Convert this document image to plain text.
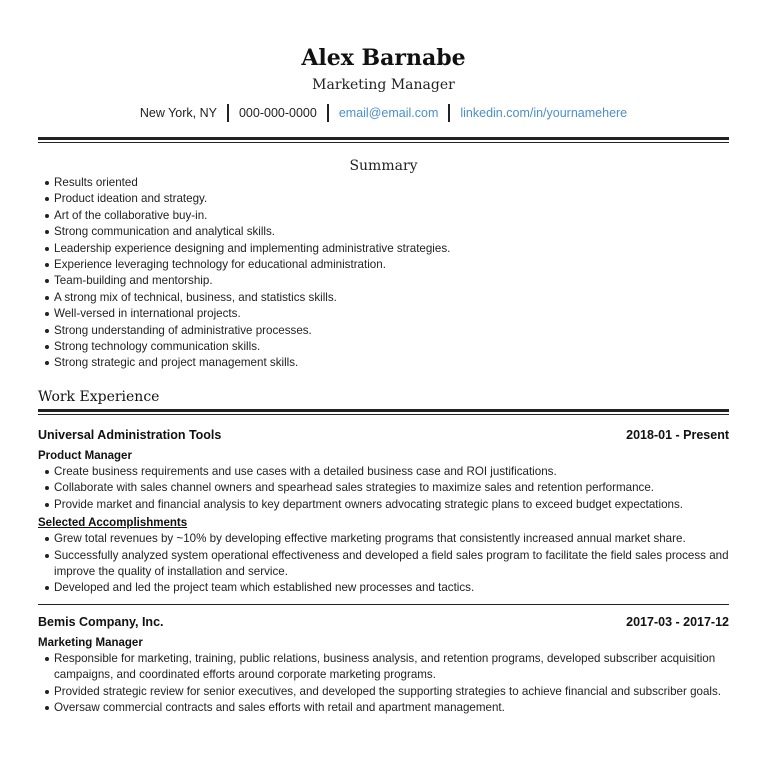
Alex Barnabe
Marketing Manager
New York, NY 000-000-0000 email@email.com linkedin.com/in/yournamehere
Summary
Results oriented
Product ideation and strategy.
Art of the collaborative buy-in.
Strong communication and analytical skills.
Leadership experience designing and implementing administrative strategies.
Experience leveraging technology for educational administration.
Team-building and mentorship.
A strong mix of technical, business, and statistics skills.
Well-versed in international projects.
Strong understanding of administrative processes.
Strong technology communication skills.
Strong strategic and project management skills.
Work Experience
Universal Administration Tools	2018-01 - Present
Product Manager
Create business requirements and use cases with a detailed business case and ROI justifications.
Collaborate with sales channel owners and spearhead sales strategies to maximize sales and retention performance.
Provide market and financial analysis to key department owners advocating strategic plans to exceed budget expectations.
Selected Accomplishments
Grew total revenues by ~10% by developing effective marketing programs that consistently increased annual market share.
Successfully analyzed system operational effectiveness and developed a field sales program to facilitate the field sales process and improve the quality of installation and service.
Developed and led the project team which established new processes and tactics.
Bemis Company, Inc.	2017-03 - 2017-12
Marketing Manager
Responsible for marketing, training, public relations, business analysis, and retention programs, developed subscriber acquisition campaigns, and coordinated efforts around corporate marketing programs.
Provided strategic review for senior executives, and developed the supporting strategies to achieve financial and subscriber goals.
Oversaw commercial contracts and sales efforts with retail and apartment management.
